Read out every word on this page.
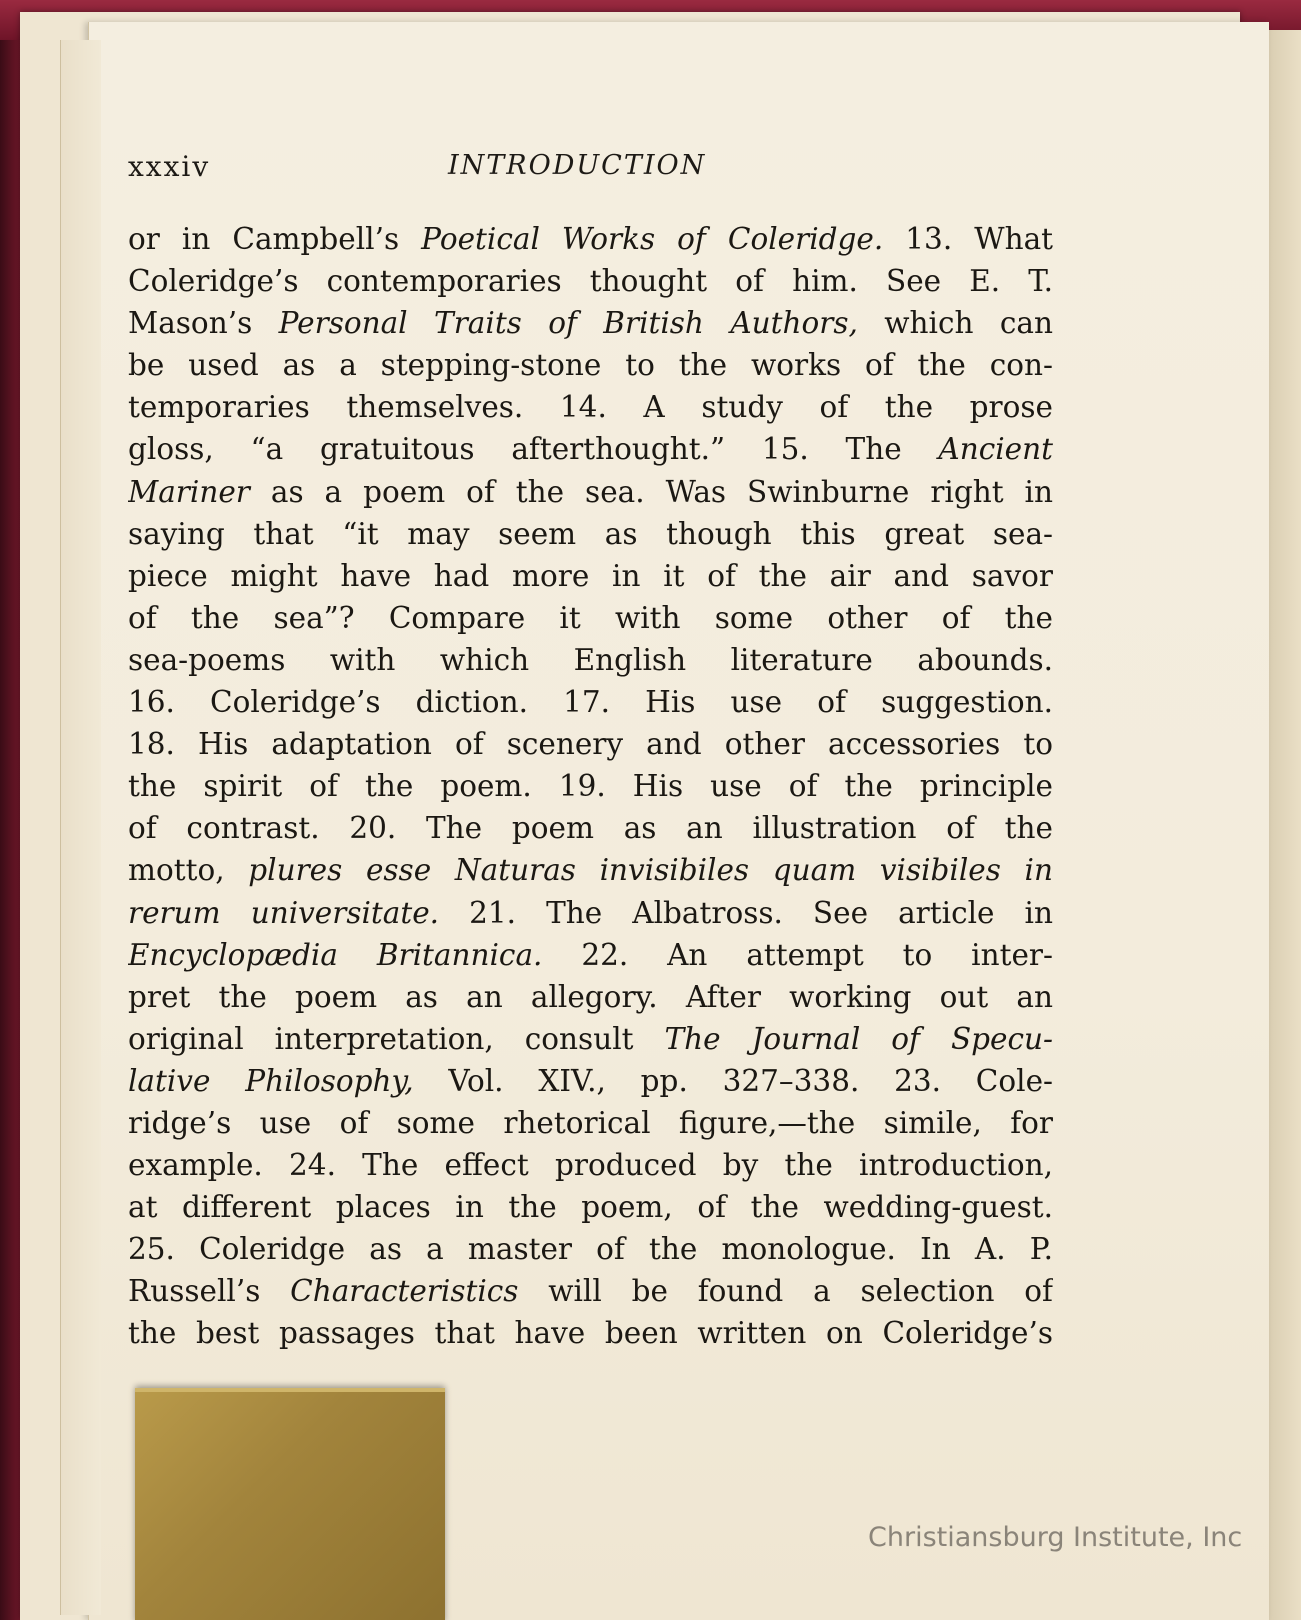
xxxiv	INTRODUCTION
or in Campbell’s Poetical Works of Coleridge. 13. What
Coleridge’s contemporaries thought of him. See E. T.
Mason’s Personal Traits of British Authors, which can
be used as a stepping-stone to the works of the con-
temporaries themselves. 14. A study of the prose
gloss, “a gratuitous afterthought.” 15. The Ancient
Mariner as a poem of the sea. Was Swinburne right in
saying that “it may seem as though this great sea-
piece might have had more in it of the air and savor
of the sea”? Compare it with some other of the
sea-poems with which English literature abounds.
16. Coleridge’s diction. 17. His use of suggestion.
18. His adaptation of scenery and other accessories to
the spirit of the poem. 19. His use of the principle
of contrast. 20. The poem as an illustration of the
motto, plures esse Naturas invisibiles quam visibiles in
rerum universitate. 21. The Albatross. See article in
Encyclopædia Britannica. 22. An attempt to inter-
pret the poem as an allegory. After working out an
original interpretation, consult The Journal of Specu-
lative Philosophy, Vol. XIV., pp. 327–338. 23. Cole-
ridge’s use of some rhetorical figure,—the simile, for
example. 24. The effect produced by the introduction,
at different places in the poem, of the wedding-guest.
25. Coleridge as a master of the monologue. In A. P.
Russell’s Characteristics will be found a selection of
the best passages that have been written on Coleridge’s
Christiansburg Institute, Inc
